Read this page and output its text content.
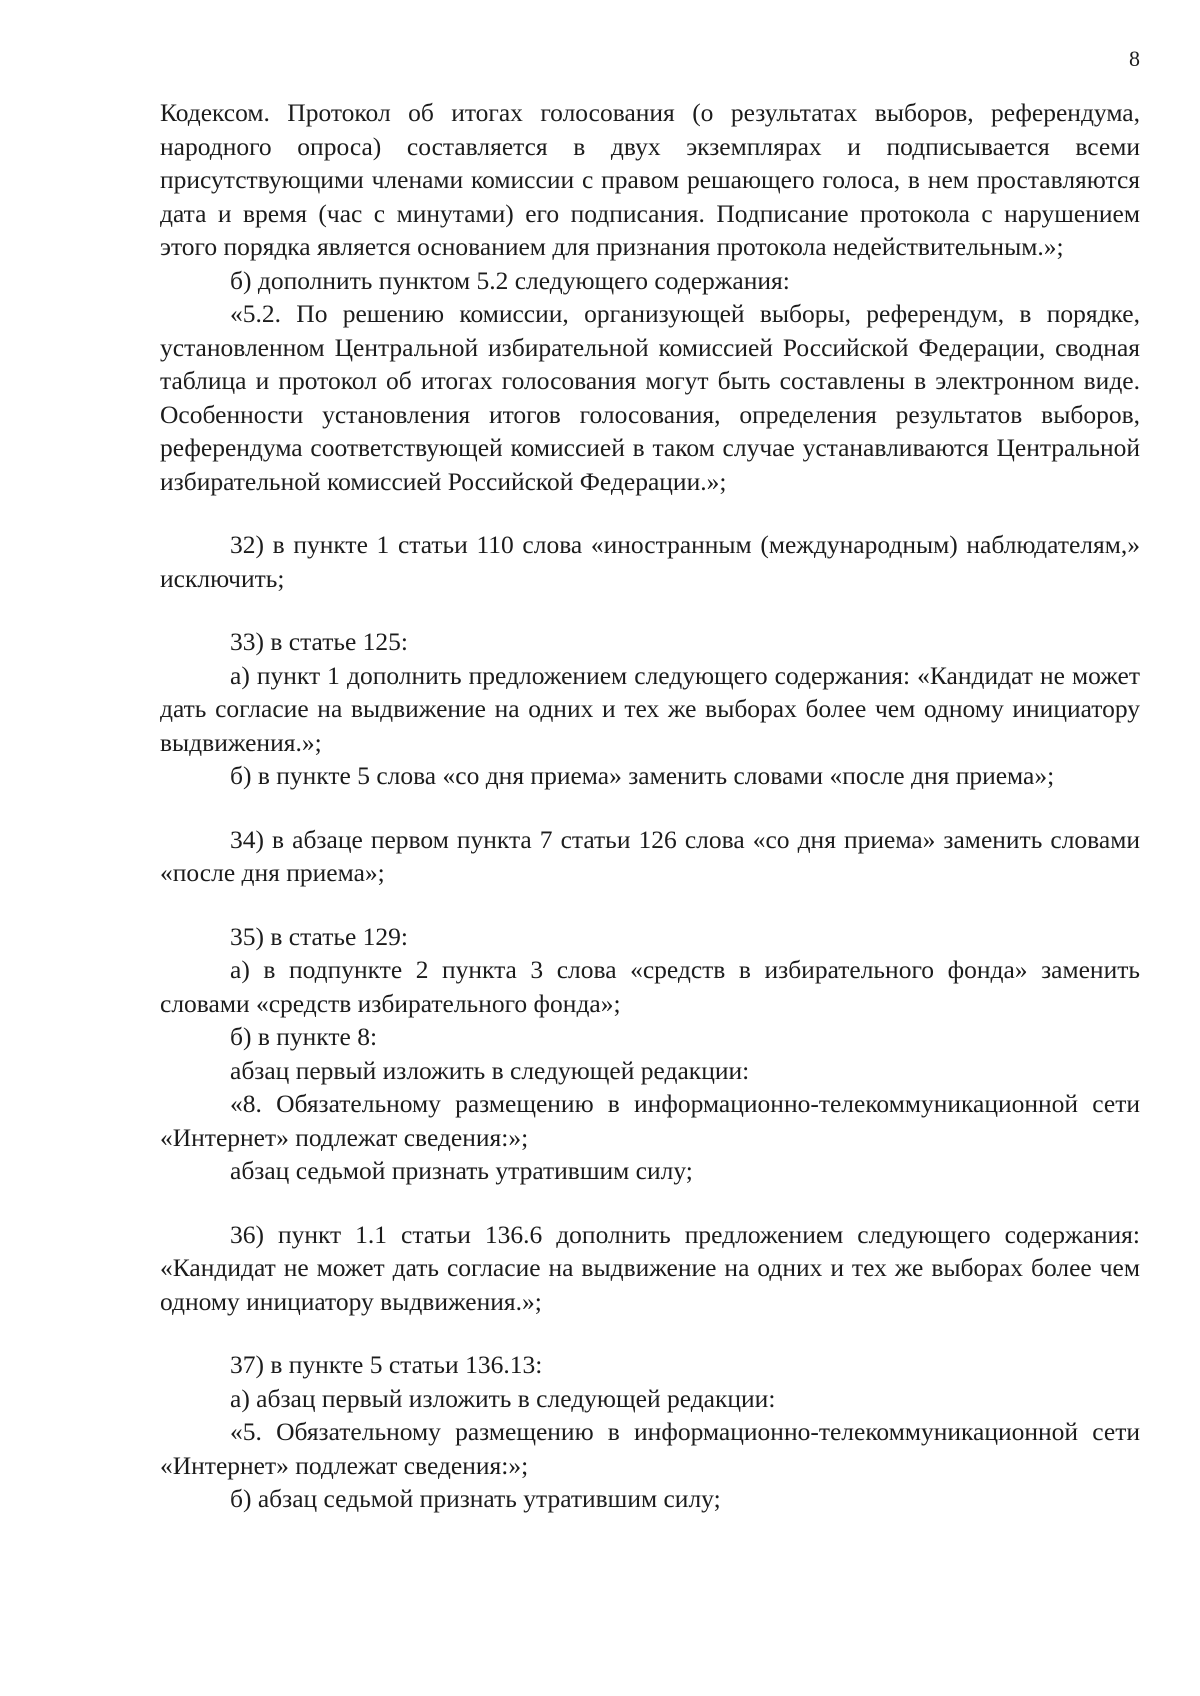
8

Кодексом. Протокол об итогах голосования (о результатах выборов, референдума, народного опроса) составляется в двух экземплярах и подписывается всеми присутствующими членами комиссии с правом решающего голоса, в нем проставляются дата и время (час с минутами) его подписания. Подписание протокола с нарушением этого порядка является основанием для признания протокола недействительным.»;

б) дополнить пунктом 5.2 следующего содержания:

«5.2. По решению комиссии, организующей выборы, референдум, в порядке, установленном Центральной избирательной комиссией Российской Федерации, сводная таблица и протокол об итогах голосования могут быть составлены в электронном виде. Особенности установления итогов голосования, определения результатов выборов, референдума соответствующей комиссией в таком случае устанавливаются Центральной избирательной комиссией Российской Федерации.»;

32) в пункте 1 статьи 110 слова «иностранным (международным) наблюдателям,» исключить;

33) в статье 125:

а) пункт 1 дополнить предложением следующего содержания: «Кандидат не может дать согласие на выдвижение на одних и тех же выборах более чем одному инициатору выдвижения.»;

б) в пункте 5 слова «со дня приема» заменить словами «после дня приема»;

34) в абзаце первом пункта 7 статьи 126 слова «со дня приема» заменить словами «после дня приема»;

35) в статье 129:

а) в подпункте 2 пункта 3 слова «средств в избирательного фонда» заменить словами «средств избирательного фонда»;

б) в пункте 8:

абзац первый изложить в следующей редакции:

«8. Обязательному размещению в информационно-телекоммуникационной сети «Интернет» подлежат сведения:»;

абзац седьмой признать утратившим силу;

36) пункт 1.1 статьи 136.6 дополнить предложением следующего содержания: «Кандидат не может дать согласие на выдвижение на одних и тех же выборах более чем одному инициатору выдвижения.»;

37) в пункте 5 статьи 136.13:

а) абзац первый изложить в следующей редакции:

«5. Обязательному размещению в информационно-телекоммуникационной сети «Интернет» подлежат сведения:»;

б) абзац седьмой признать утратившим силу;
